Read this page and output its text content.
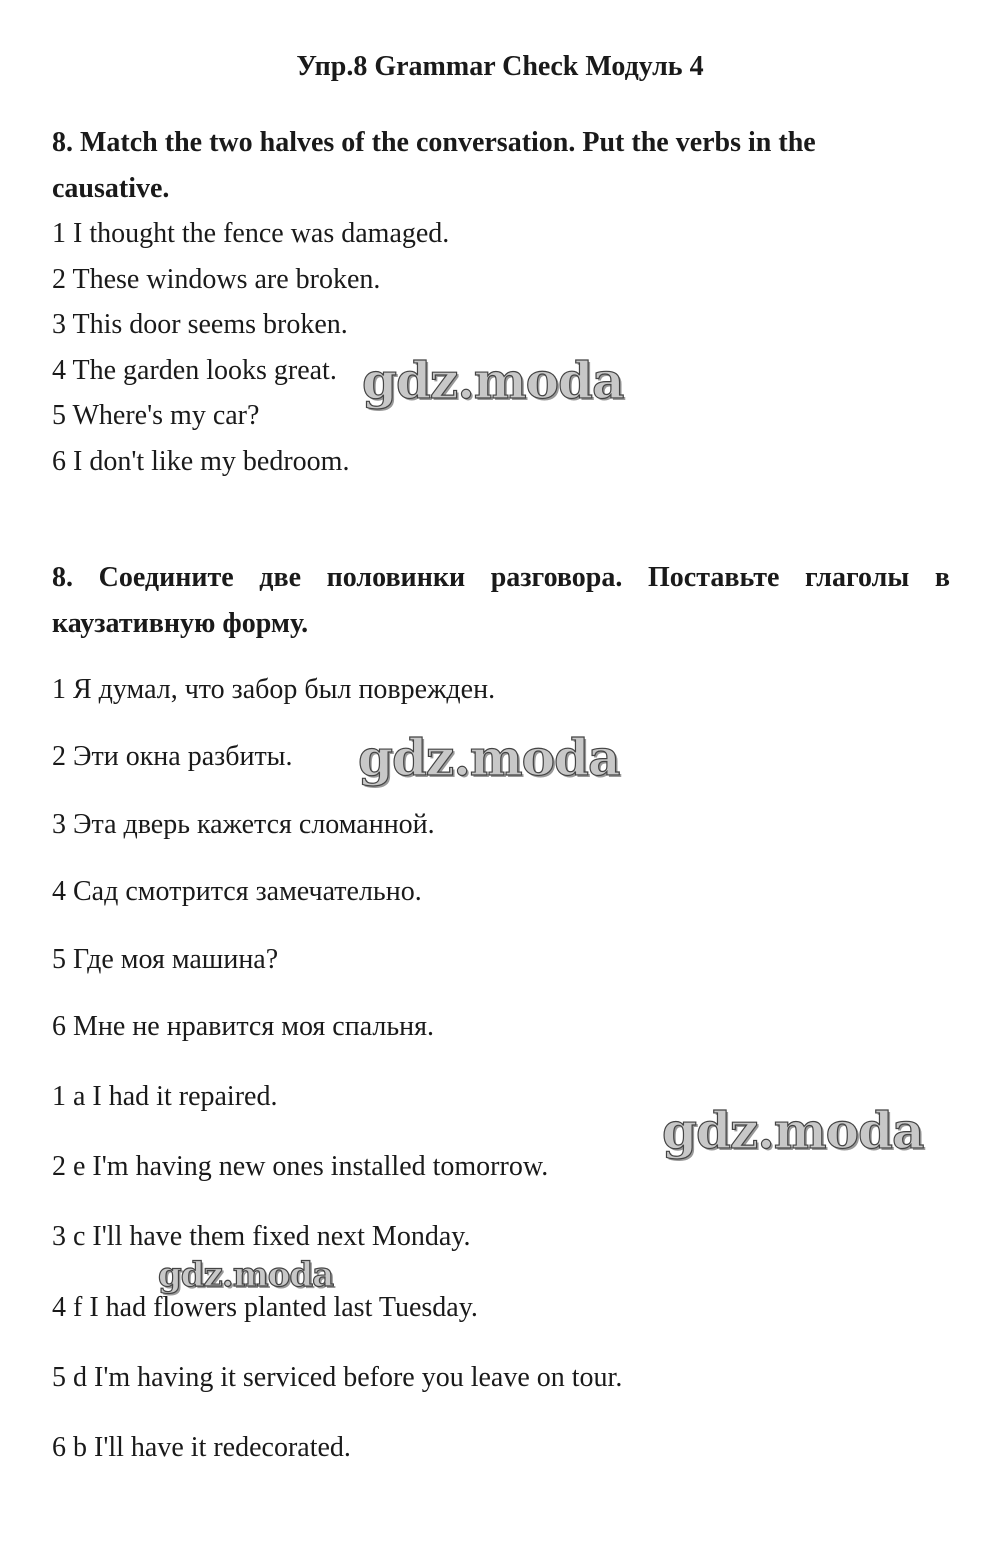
Упр.8 Grammar Check Модуль 4
8. Match the two halves of the conversation. Put the verbs in the
causative.
1 I thought the fence was damaged.
2 These windows are broken.
3 This door seems broken.
4 The garden looks great.
5 Where's my car?
6 I don't like my bedroom.
8. Соедините две половинки разговора. Поставьте глаголы в каузативную форму.
1 Я думал, что забор был поврежден.
2 Эти окна разбиты.
3 Эта дверь кажется сломанной.
4 Сад смотрится замечательно.
5 Где моя машина?
6 Мне не нравится моя спальня.
1 a I had it repaired.
2 e I'm having new ones installed tomorrow.
3 c I'll have them fixed next Monday.
4 f I had flowers planted last Tuesday.
5 d I'm having it serviced before you leave on tour.
6 b I'll have it redecorated.
gdz.moda
gdz.moda
gdz.moda
gdz.moda
